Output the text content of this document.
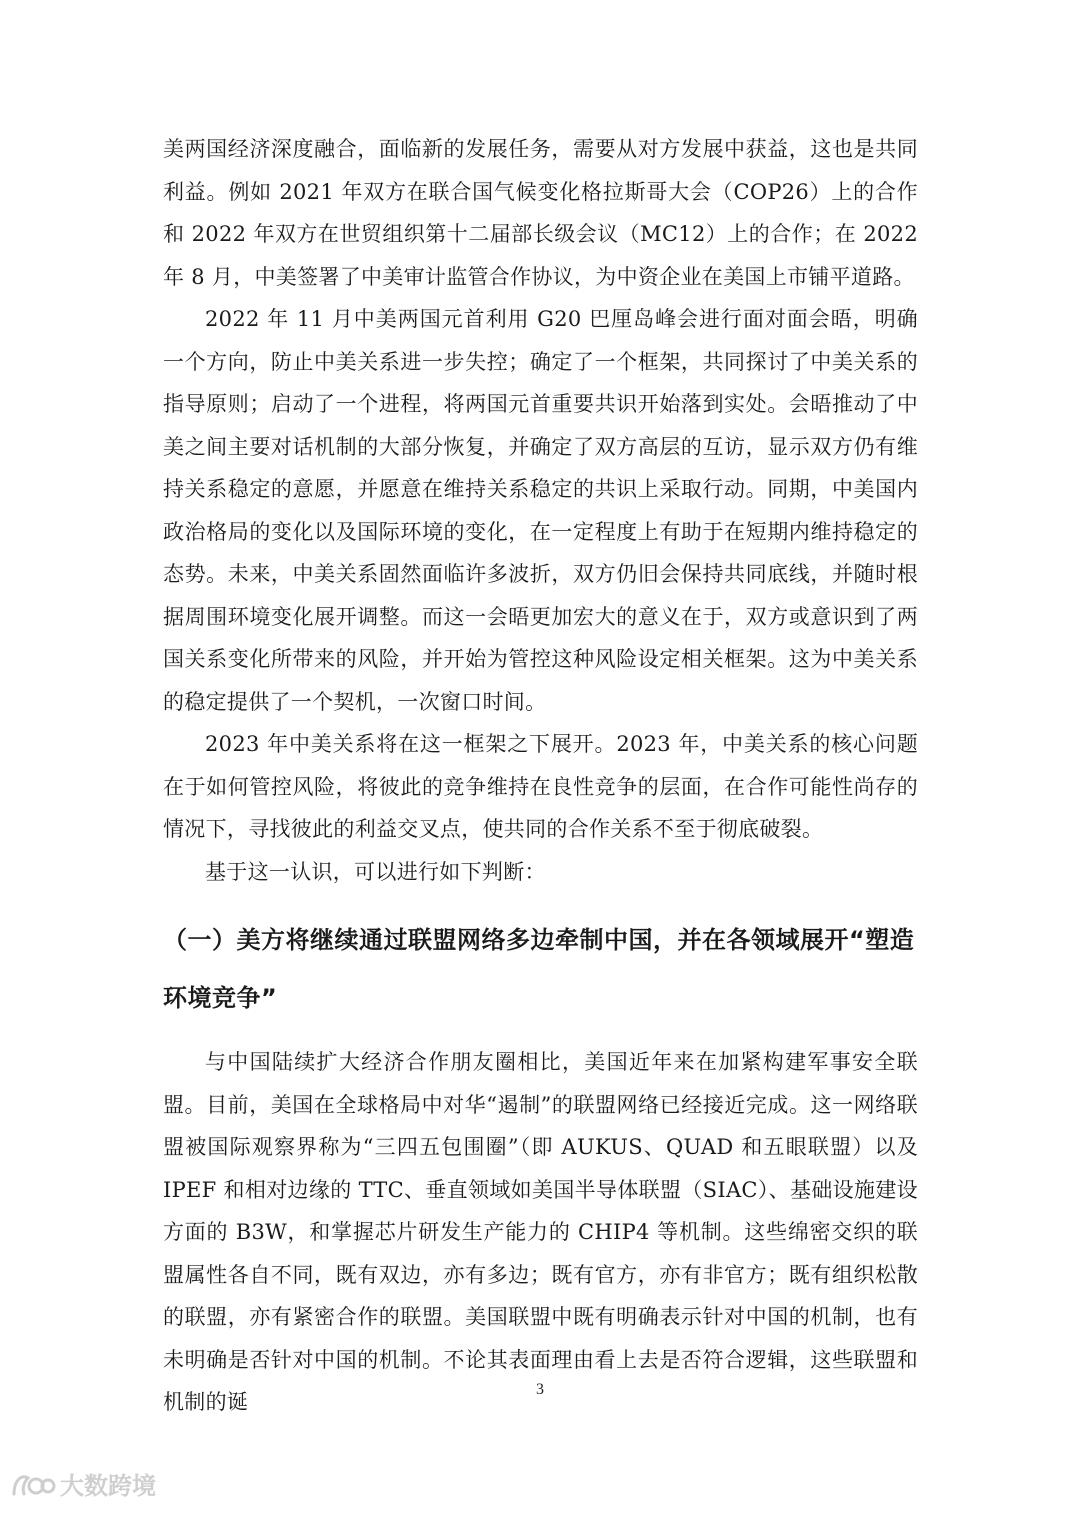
美两国经济深度融合，面临新的发展任务，需要从对方发展中获益，这也是共同利益。例如 2021 年双方在联合国气候变化格拉斯哥大会（COP26）上的合作和 2022 年双方在世贸组织第十二届部长级会议（MC12）上的合作；在 2022 年 8 月，中美签署了中美审计监管合作协议，为中资企业在美国上市铺平道路。

2022 年 11 月中美两国元首利用 G20 巴厘岛峰会进行面对面会晤，明确一个方向，防止中美关系进一步失控；确定了一个框架，共同探讨了中美关系的指导原则；启动了一个进程，将两国元首重要共识开始落到实处。会晤推动了中美之间主要对话机制的大部分恢复，并确定了双方高层的互访，显示双方仍有维持关系稳定的意愿，并愿意在维持关系稳定的共识上采取行动。同期，中美国内政治格局的变化以及国际环境的变化，在一定程度上有助于在短期内维持稳定的态势。未来，中美关系固然面临许多波折，双方仍旧会保持共同底线，并随时根据周围环境变化展开调整。而这一会晤更加宏大的意义在于，双方或意识到了两国关系变化所带来的风险，并开始为管控这种风险设定相关框架。这为中美关系的稳定提供了一个契机，一次窗口时间。

2023 年中美关系将在这一框架之下展开。2023 年，中美关系的核心问题在于如何管控风险，将彼此的竞争维持在良性竞争的层面，在合作可能性尚存的情况下，寻找彼此的利益交叉点，使共同的合作关系不至于彻底破裂。

基于这一认识，可以进行如下判断：

（一）美方将继续通过联盟网络多边牵制中国，并在各领域展开“塑造环境竞争”

与中国陆续扩大经济合作朋友圈相比，美国近年来在加紧构建军事安全联盟。目前，美国在全球格局中对华“遏制”的联盟网络已经接近完成。这一网络联盟被国际观察界称为“三四五包围圈”（即 AUKUS、QUAD 和五眼联盟）以及 IPEF 和相对边缘的 TTC、垂直领域如美国半导体联盟（SIAC）、基础设施建设方面的 B3W，和掌握芯片研发生产能力的 CHIP4 等机制。这些绵密交织的联盟属性各自不同，既有双边，亦有多边；既有官方，亦有非官方；既有组织松散的联盟，亦有紧密合作的联盟。美国联盟中既有明确表示针对中国的机制，也有未明确是否针对中国的机制。不论其表面理由看上去是否符合逻辑，这些联盟和机制的诞

3
大数跨境
